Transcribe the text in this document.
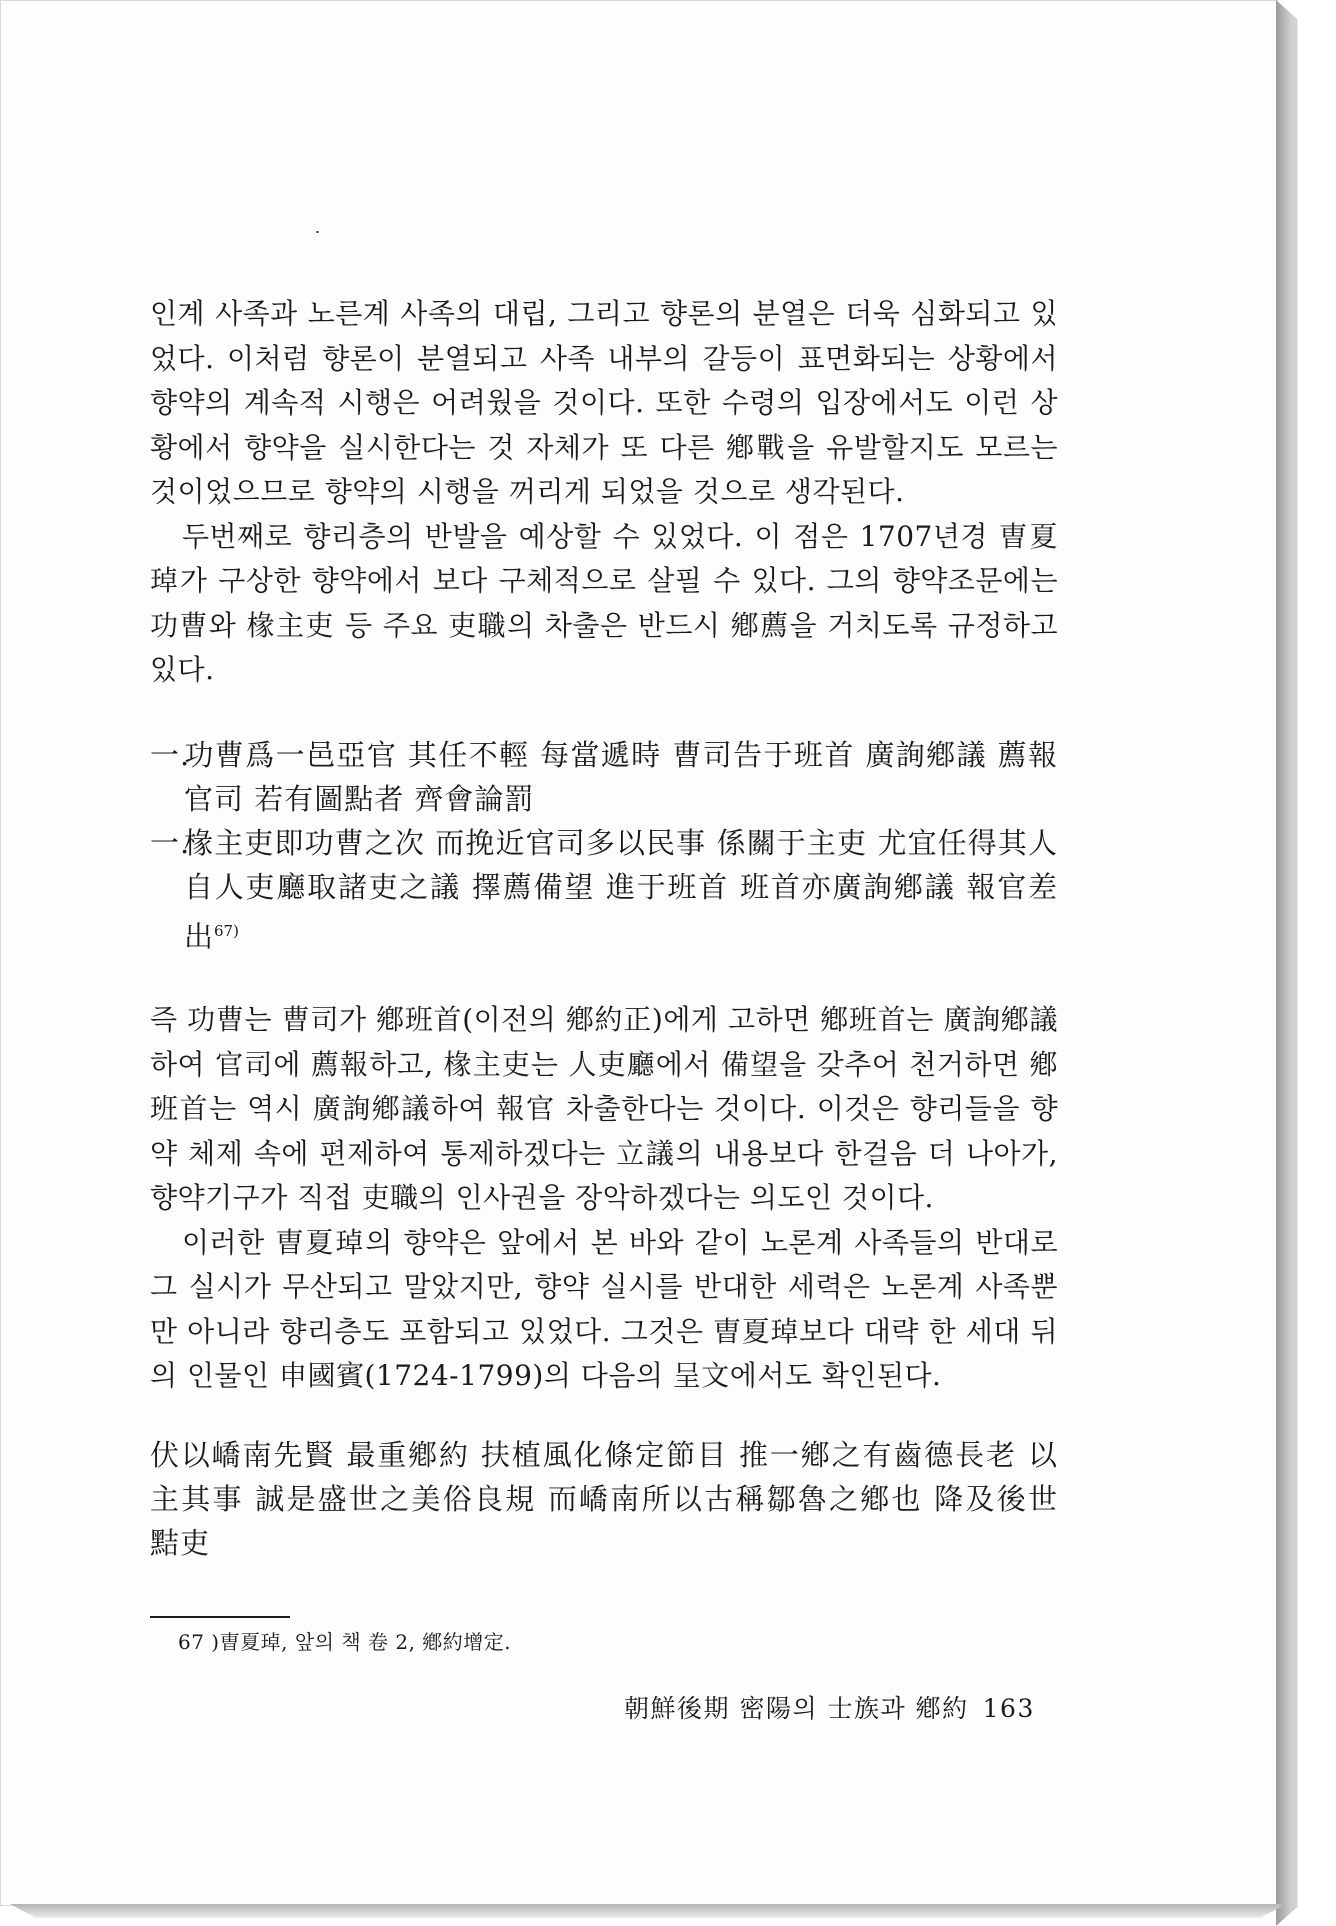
인계 사족과 노른계 사족의 대립, 그리고 향론의 분열은 더욱 심화되고 있었다. 이처럼 향론이 분열되고 사족 내부의 갈등이 표면화되는 상황에서 향약의 계속적 시행은 어려웠을 것이다. 또한 수령의 입장에서도 이런 상황에서 향약을 실시한다는 것 자체가 또 다른 鄕戰을 유발할지도 모르는 것이었으므로 향약의 시행을 꺼리게 되었을 것으로 생각된다.

두번째로 향리층의 반발을 예상할 수 있었다. 이 점은 1707년경 曺夏琸가 구상한 향약에서 보다 구체적으로 살필 수 있다. 그의 향약조문에는 功曹와 椽主吏 등 주요 吏職의 차출은 반드시 鄕薦을 거치도록 규정하고 있다.

一.功曹爲一邑亞官 其任不輕 每當遞時 曹司告于班首 廣詢鄕議 薦報官司 若有圖點者 齊會論罰

一.椽主吏即功曹之次 而挽近官司多以民事 係關于主吏 尤宜任得其人 自人吏廳取諸吏之議 擇薦備望 進于班首 班首亦廣詢鄕議 報官差出$^{67)}$

즉 功曹는 曹司가 鄕班首(이전의 鄕約正)에게 고하면 鄕班首는 廣詢鄕議하여 官司에 薦報하고, 椽主吏는 人吏廳에서 備望을 갖추어 천거하면 鄕班首는 역시 廣詢鄕議하여 報官 차출한다는 것이다. 이것은 향리들을 향약 체제 속에 편제하여 통제하겠다는 立議의 내용보다 한걸음 더 나아가, 향약기구가 직접 吏職의 인사권을 장악하겠다는 의도인 것이다.

이러한 曺夏琸의 향약은 앞에서 본 바와 같이 노론계 사족들의 반대로 그 실시가 무산되고 말았지만, 향약 실시를 반대한 세력은 노론계 사족뿐만 아니라 향리층도 포함되고 있었다. 그것은 曺夏琸보다 대략 한 세대 뒤의 인물인 申國賓(1724-1799)의 다음의 呈文에서도 확인된다.

伏以嶠南先賢 最重鄕約 扶植風化條定節目 推一鄕之有齒德長老 以主其事 誠是盛世之美俗良規 而嶠南所以古稱鄒魯之鄕也 降及後世 黠吏

67 )曺夏琸, 앞의 책 卷 2, 鄕約增定.
朝鮮後期 密陽의 士族과 鄕約 163
